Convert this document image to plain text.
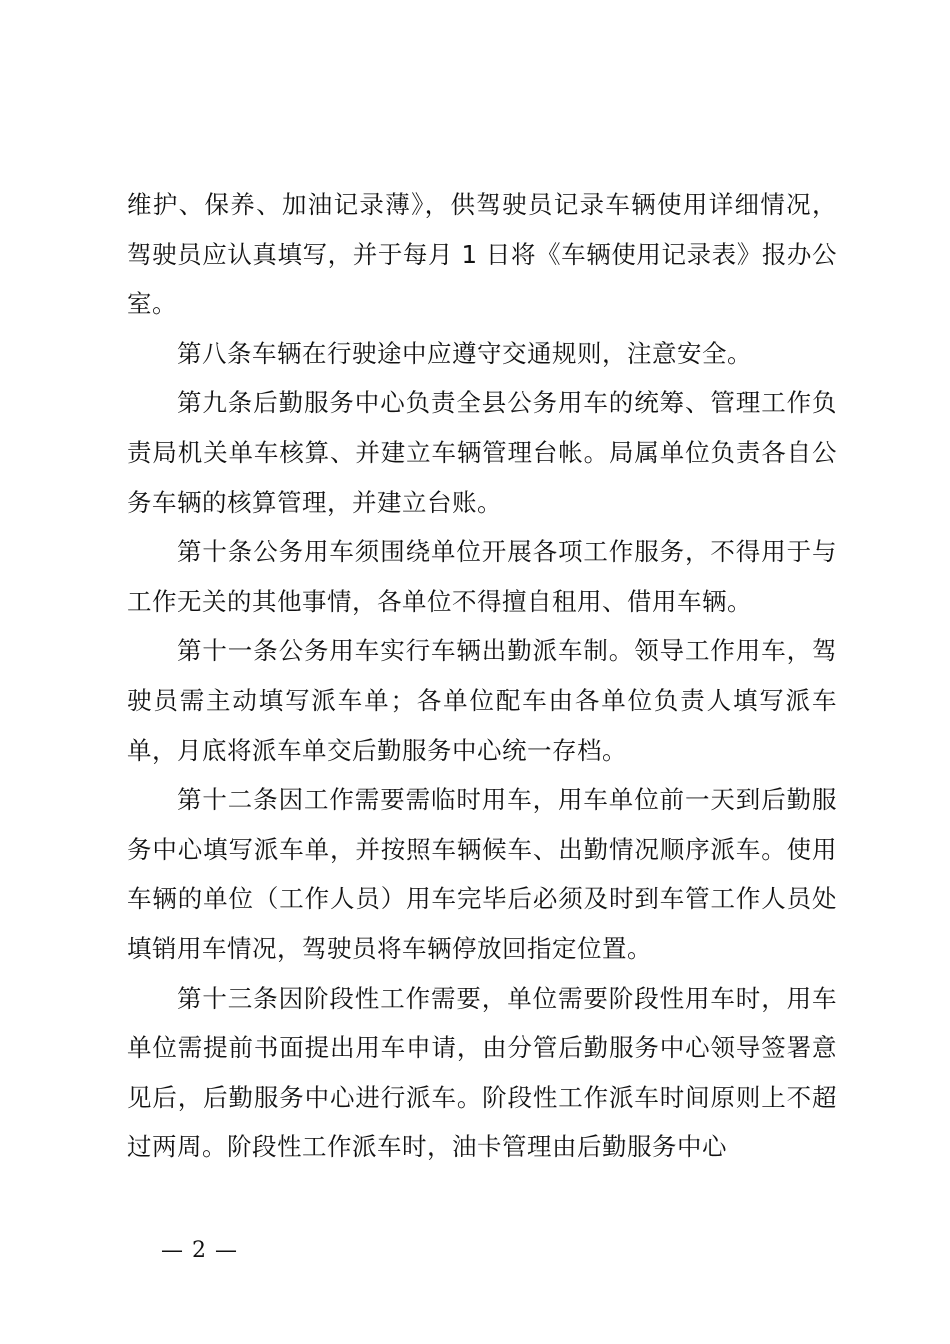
维护、保养、加油记录薄》，供驾驶员记录车辆使用详细情况，驾驶员应认真填写，并于每月 1 日将《车辆使用记录表》报办公室。

第八条车辆在行驶途中应遵守交通规则，注意安全。

第九条后勤服务中心负责全县公务用车的统筹、管理工作负责局机关单车核算、并建立车辆管理台帐。局属单位负责各自公务车辆的核算管理，并建立台账。

第十条公务用车须围绕单位开展各项工作服务，不得用于与工作无关的其他事情，各单位不得擅自租用、借用车辆。

第十一条公务用车实行车辆出勤派车制。领导工作用车，驾驶员需主动填写派车单；各单位配车由各单位负责人填写派车单，月底将派车单交后勤服务中心统一存档。

第十二条因工作需要需临时用车，用车单位前一天到后勤服务中心填写派车单，并按照车辆候车、出勤情况顺序派车。使用车辆的单位（工作人员）用车完毕后必须及时到车管工作人员处填销用车情况，驾驶员将车辆停放回指定位置。

第十三条因阶段性工作需要，单位需要阶段性用车时，用车单位需提前书面提出用车申请，由分管后勤服务中心领导签署意见后，后勤服务中心进行派车。阶段性工作派车时间原则上不超过两周。阶段性工作派车时，油卡管理由后勤服务中心

— 2 —
